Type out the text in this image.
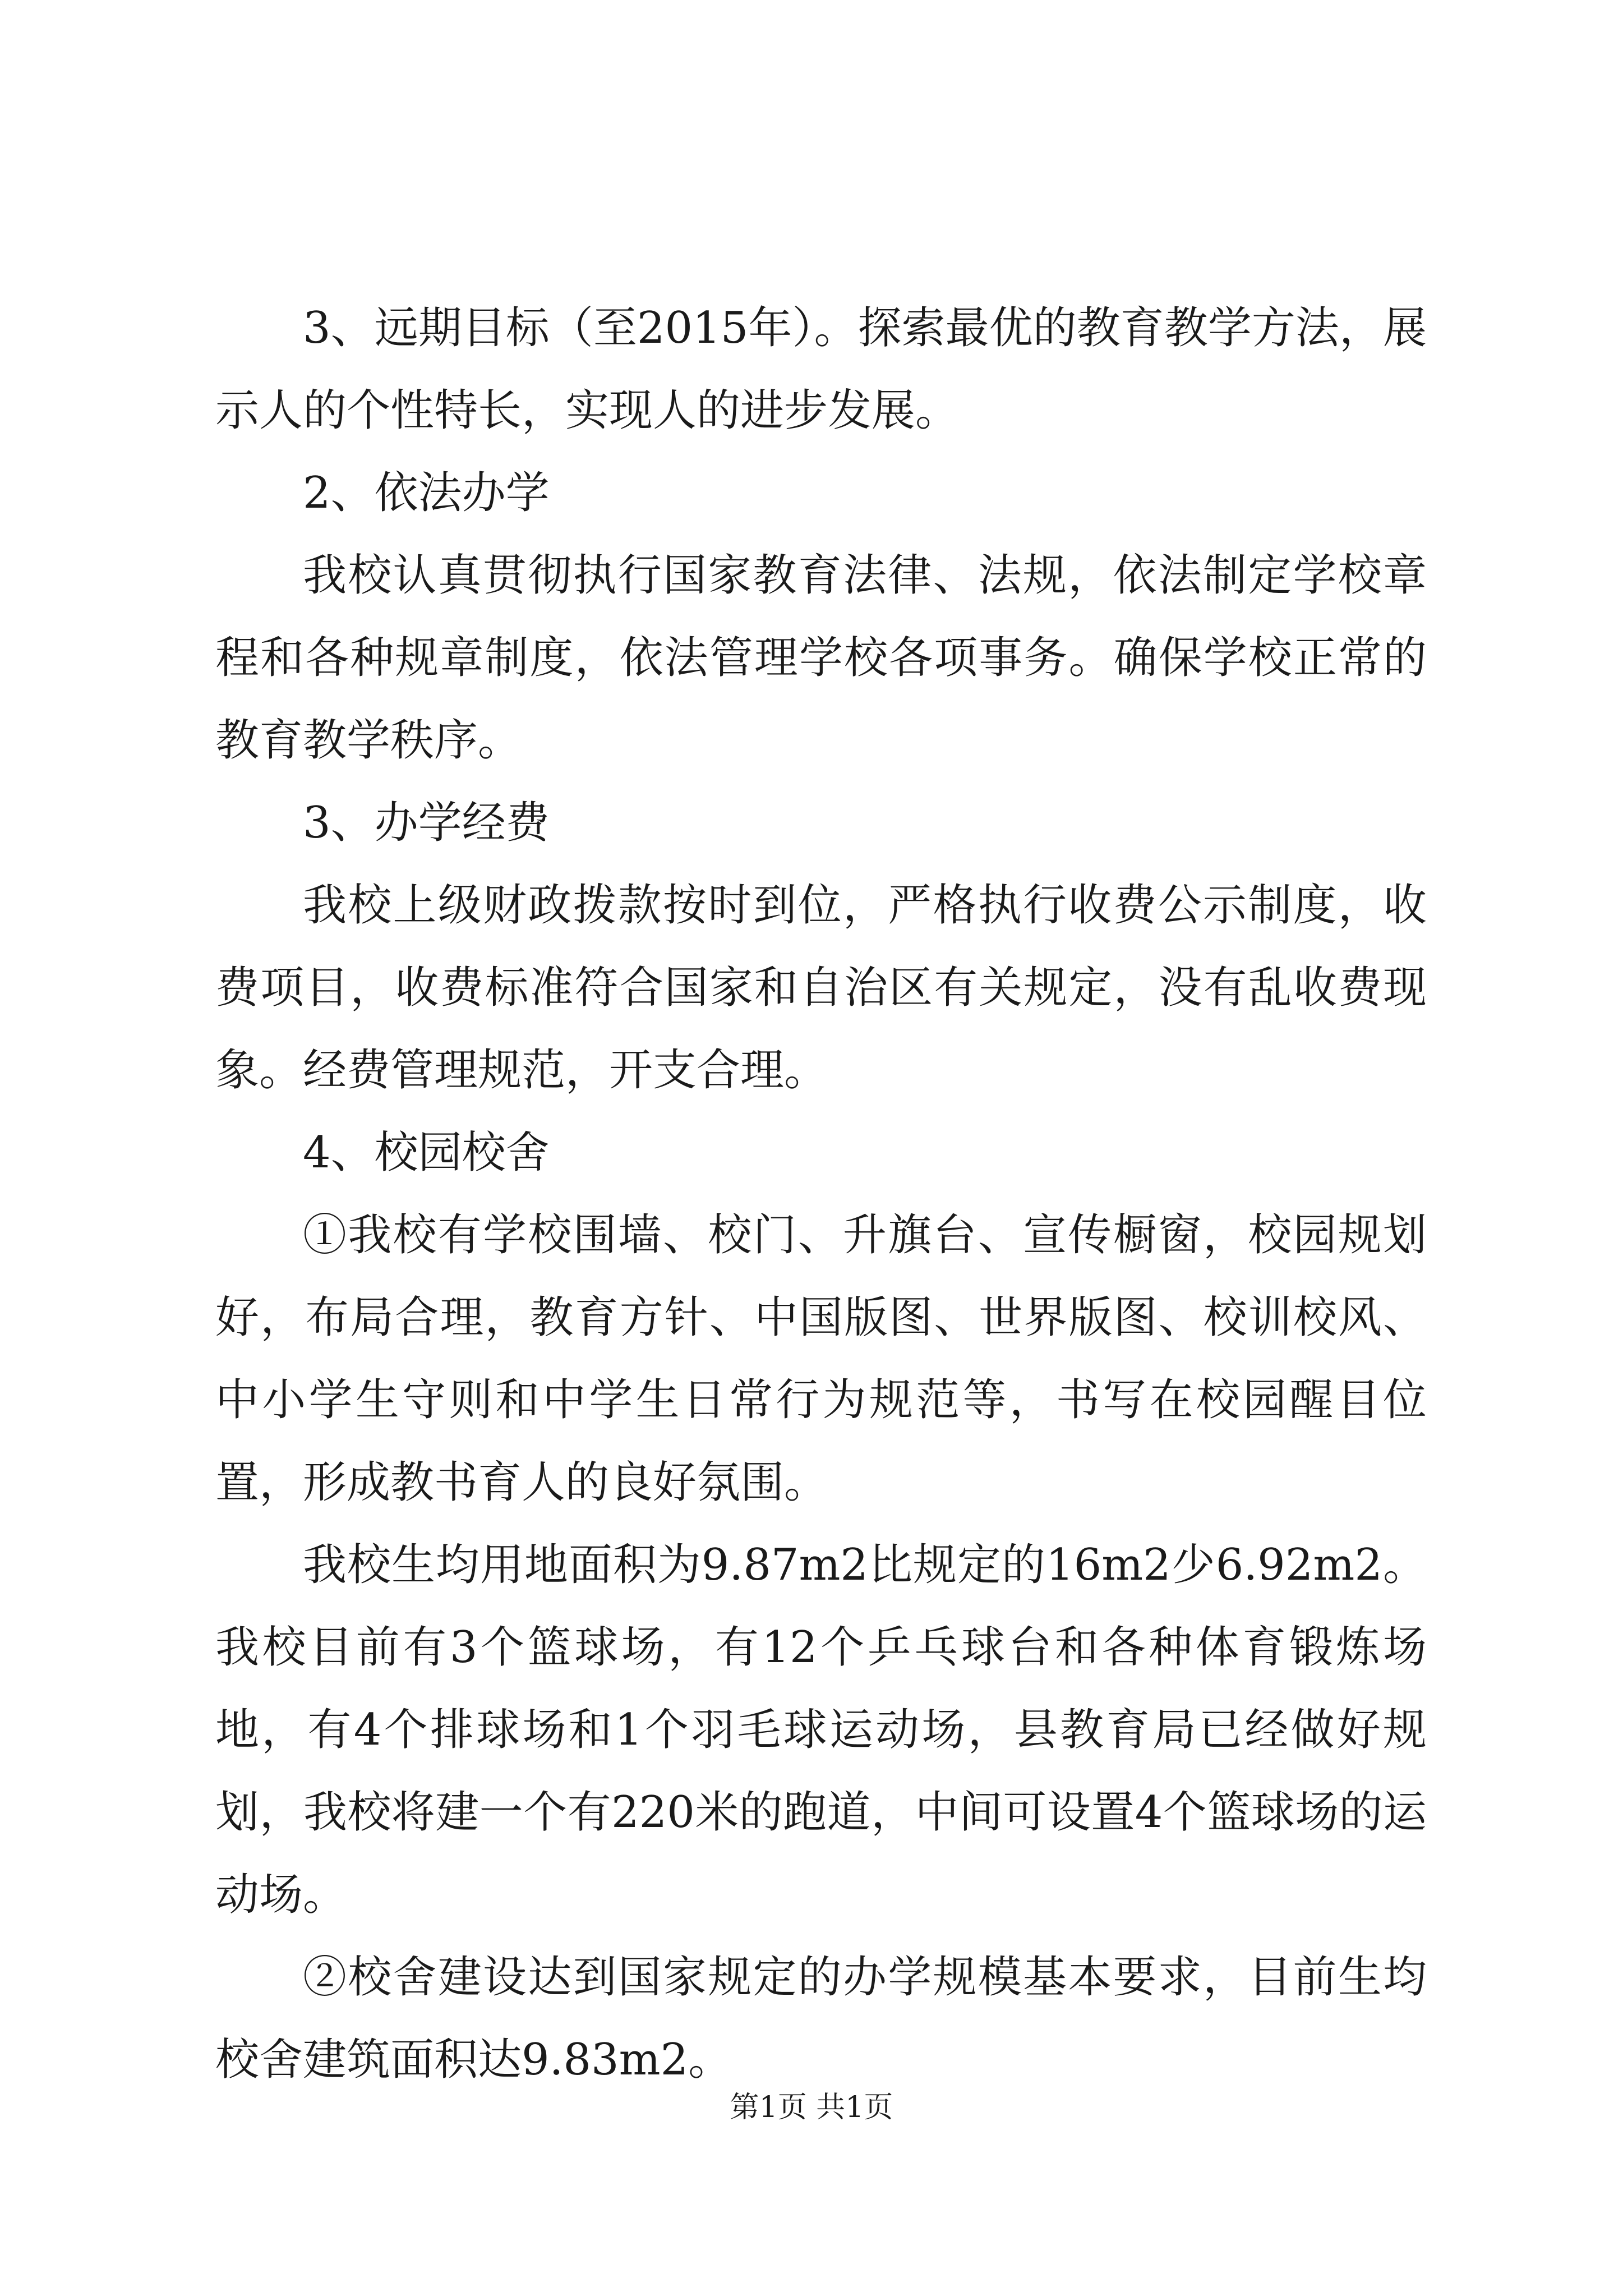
3、远期目标（至2015年）。探索最优的教育教学方法，展示人的个性特长，实现人的进步发展。

2、依法办学

我校认真贯彻执行国家教育法律、法规，依法制定学校章程和各种规章制度，依法管理学校各项事务。确保学校正常的教育教学秩序。

3、办学经费

我校上级财政拨款按时到位，严格执行收费公示制度，收费项目，收费标准符合国家和自治区有关规定，没有乱收费现象。经费管理规范，开支合理。

4、校园校舍

①我校有学校围墙、校门、升旗台、宣传橱窗，校园规划好，布局合理，教育方针、中国版图、世界版图、校训校风、中小学生守则和中学生日常行为规范等，书写在校园醒目位置，形成教书育人的良好氛围。

我校生均用地面积为9.87m2比规定的16m2少6.92m2。我校目前有3个篮球场，有12个乒乓球台和各种体育锻炼场地，有4个排球场和1个羽毛球运动场，县教育局已经做好规划，我校将建一个有220米的跑道，中间可设置4个篮球场的运动场。

②校舍建设达到国家规定的办学规模基本要求，目前生均校舍建筑面积达9.83m2。

第1页 共1页
